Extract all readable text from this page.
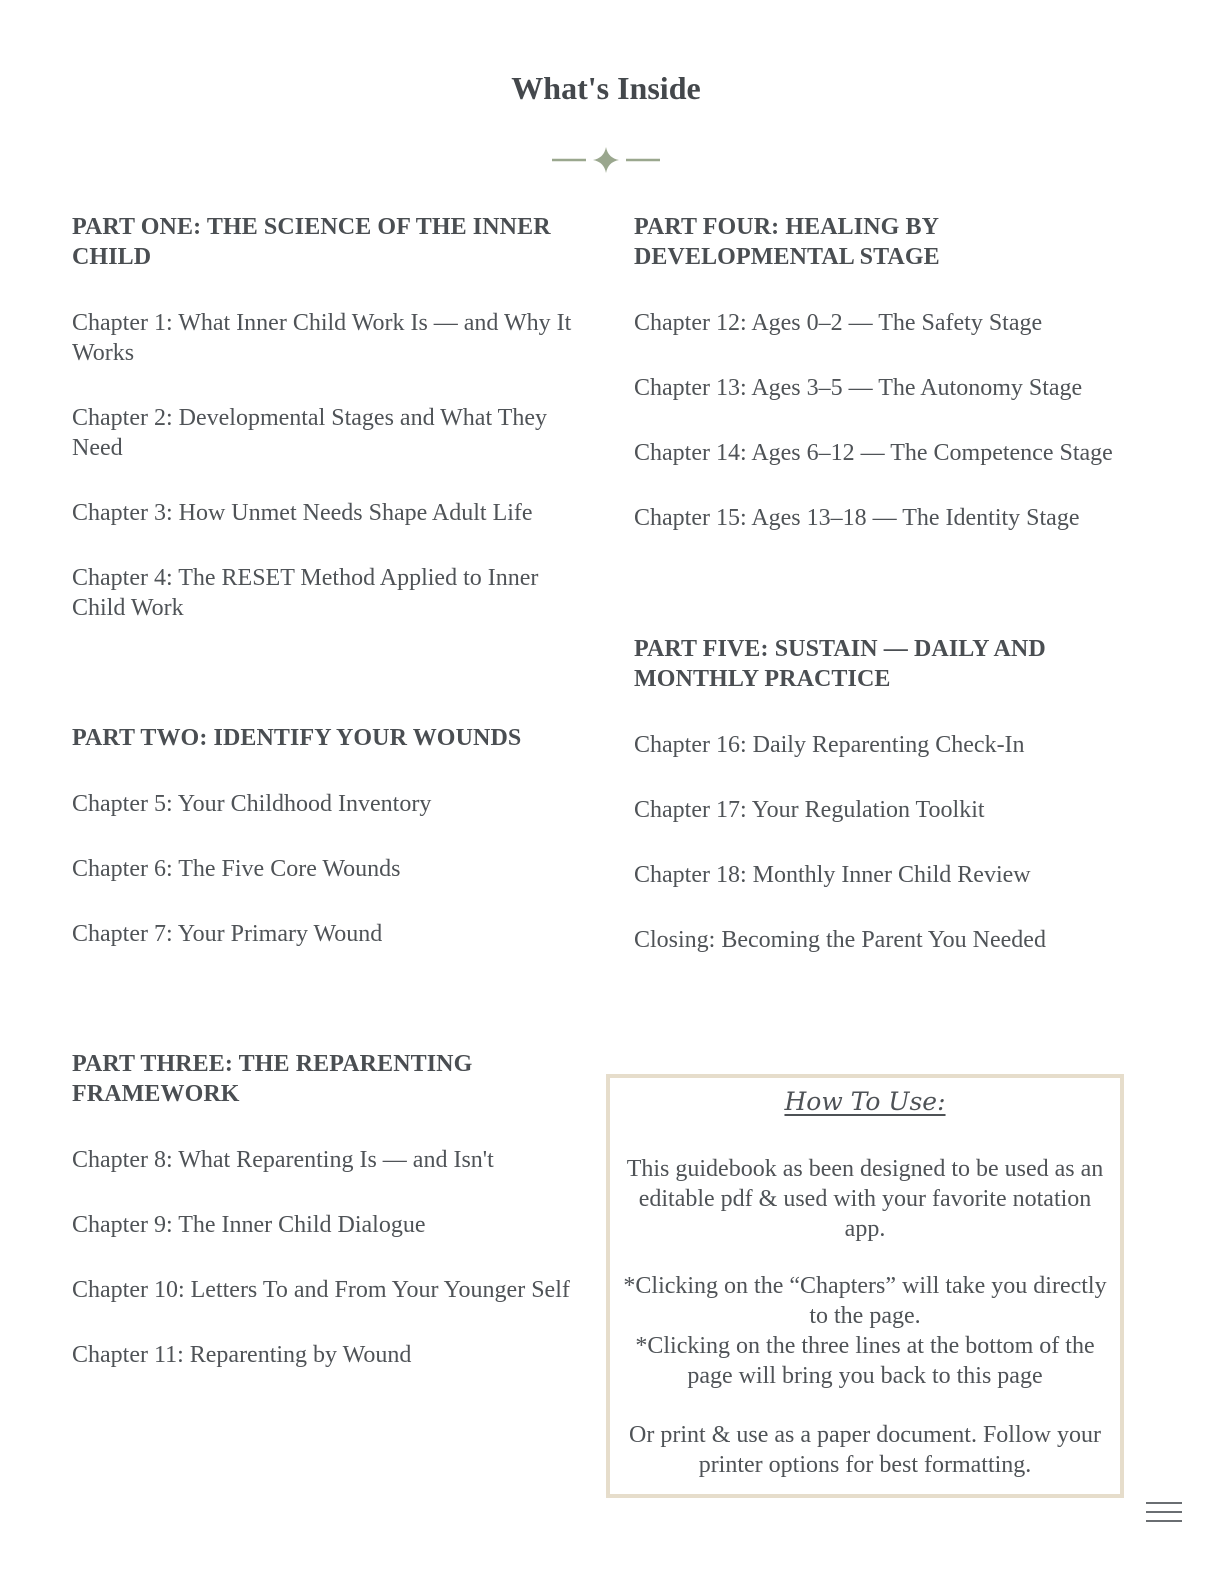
What's Inside
PART ONE: THE SCIENCE OF THE INNER CHILD
Chapter 1: What Inner Child Work Is — and Why It Works
Chapter 2: Developmental Stages and What They Need
Chapter 3: How Unmet Needs Shape Adult Life
Chapter 4: The RESET Method Applied to Inner Child Work
PART TWO: IDENTIFY YOUR WOUNDS
Chapter 5: Your Childhood Inventory
Chapter 6: The Five Core Wounds
Chapter 7: Your Primary Wound
PART THREE: THE REPARENTING FRAMEWORK
Chapter 8: What Reparenting Is — and Isn't
Chapter 9: The Inner Child Dialogue
Chapter 10: Letters To and From Your Younger Self
Chapter 11: Reparenting by Wound
PART FOUR: HEALING BY DEVELOPMENTAL STAGE
Chapter 12: Ages 0–2 — The Safety Stage
Chapter 13: Ages 3–5 — The Autonomy Stage
Chapter 14: Ages 6–12 — The Competence Stage
Chapter 15: Ages 13–18 — The Identity Stage
PART FIVE: SUSTAIN — DAILY AND MONTHLY PRACTICE
Chapter 16: Daily Reparenting Check-In
Chapter 17: Your Regulation Toolkit
Chapter 18: Monthly Inner Child Review
Closing: Becoming the Parent You Needed
How To Use:

This guidebook as been designed to be used as an editable pdf & used with your favorite notation app.

*Clicking on the “Chapters” will take you directly to the page.

*Clicking on the three lines at the bottom of the page will bring you back to this page

Or print & use as a paper document. Follow your printer options for best formatting.
